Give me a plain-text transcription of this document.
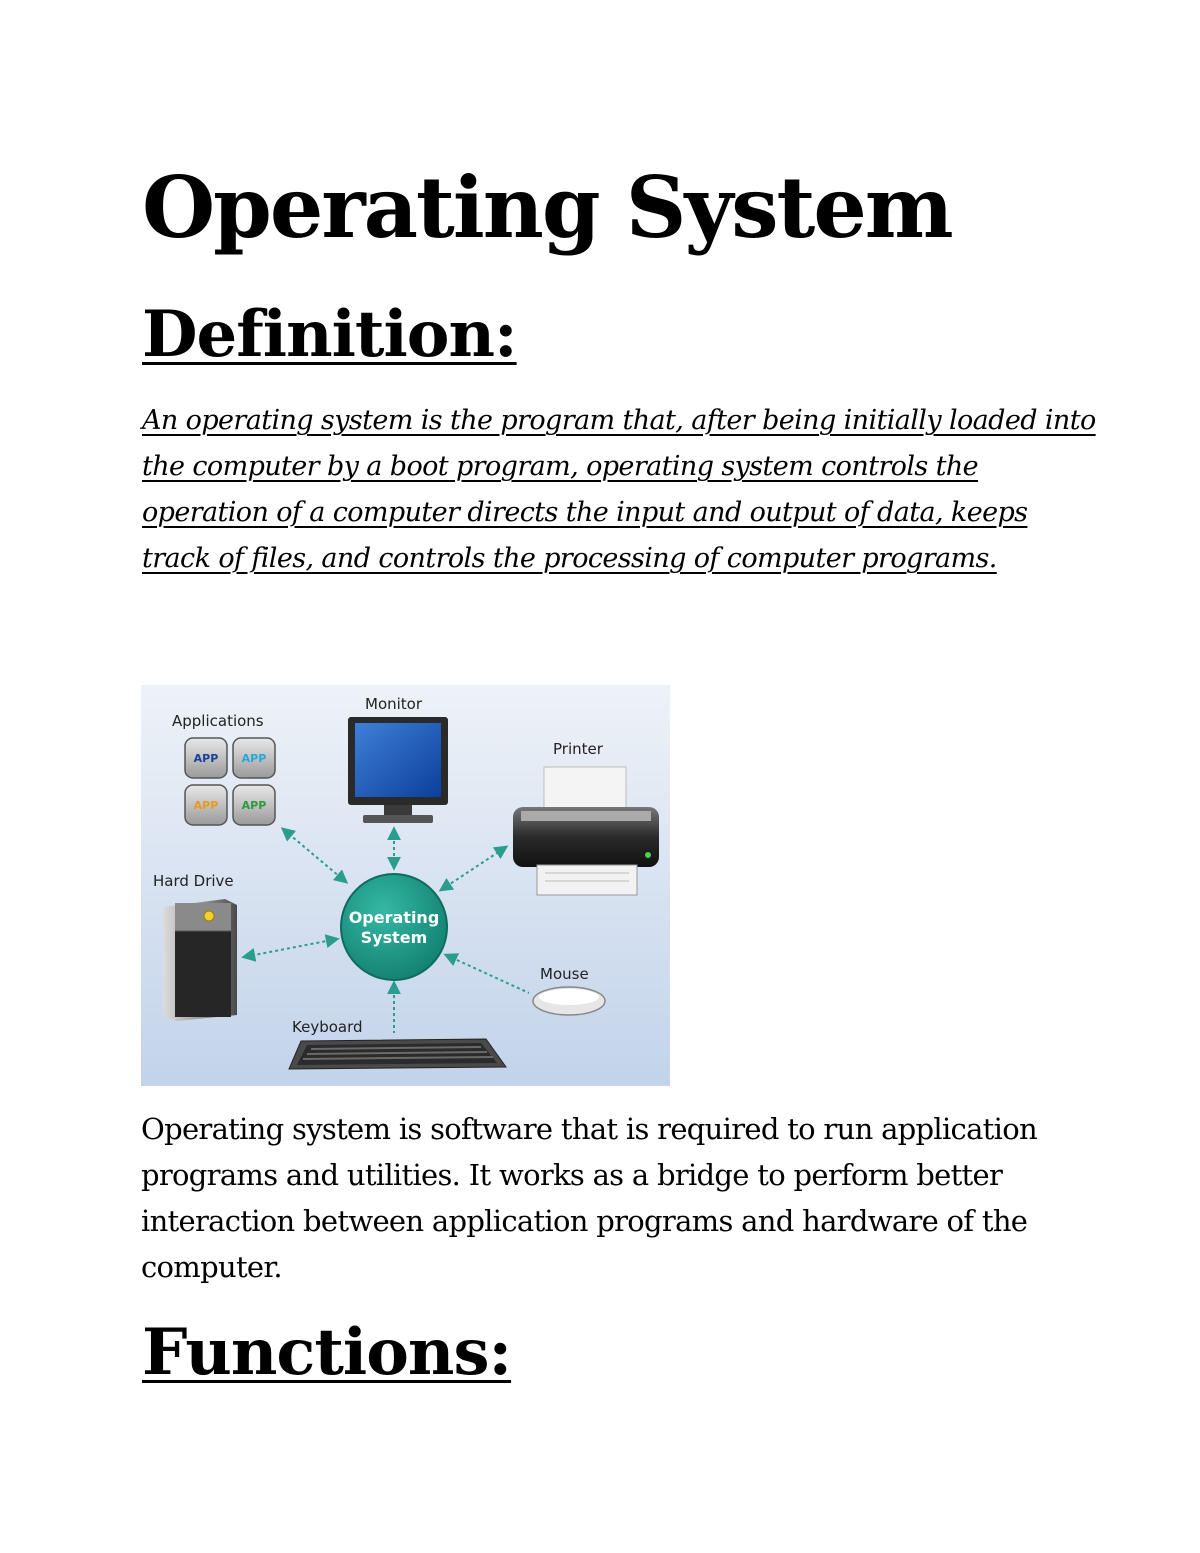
Operating System
Definition:

An operating system is the program that, after being initially loaded into the computer by a boot program, operating system controls the operation of a computer directs the input and output of data, keeps track of files, and controls the processing of computer programs.

Applications
APP APP
APP APP
Monitor
Printer
Hard Drive
Operating
System
Mouse
Keyboard

Operating system is software that is required to run application programs and utilities. It works as a bridge to perform better interaction between application programs and hardware of the computer.

Functions:
